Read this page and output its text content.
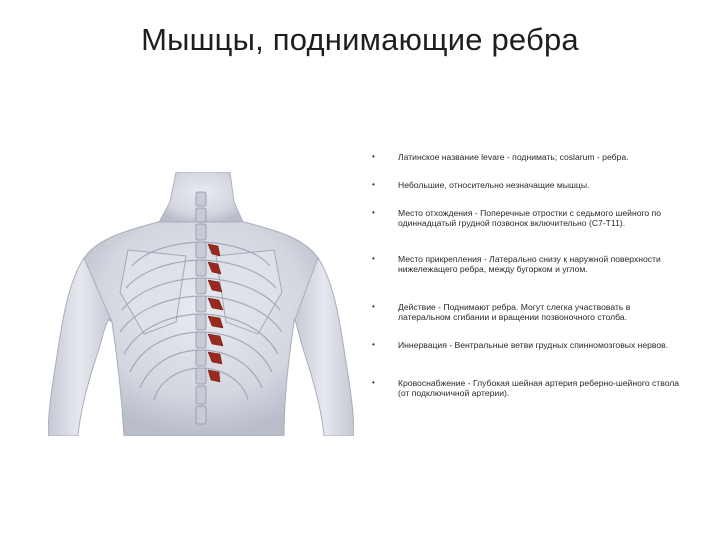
Мышцы, поднимающие ребра
•	Латинское название levare - поднимать; coslarum - ребра.
•	Небольшие, относительно незначащие мышцы.
•	Место отхождения - Поперечные отростки с седьмого шейного по одиннадцатый грудной позвонок включительно (C7-T11).
•	Место прикрепления - Латерально снизу к наружной поверхности нижележащего ребра, между бугорком и углом.
•	Действие - Поднимают ребра. Могут слегка участвовать в латеральном сгибании и вращении позвоночного столба.
•	Иннервация - Вентральные ветви грудных спинномозговых нервов.
•	Кровоснабжение - Глубокая шейная артерия реберно-шейного ствола (от подключичной артерии).
